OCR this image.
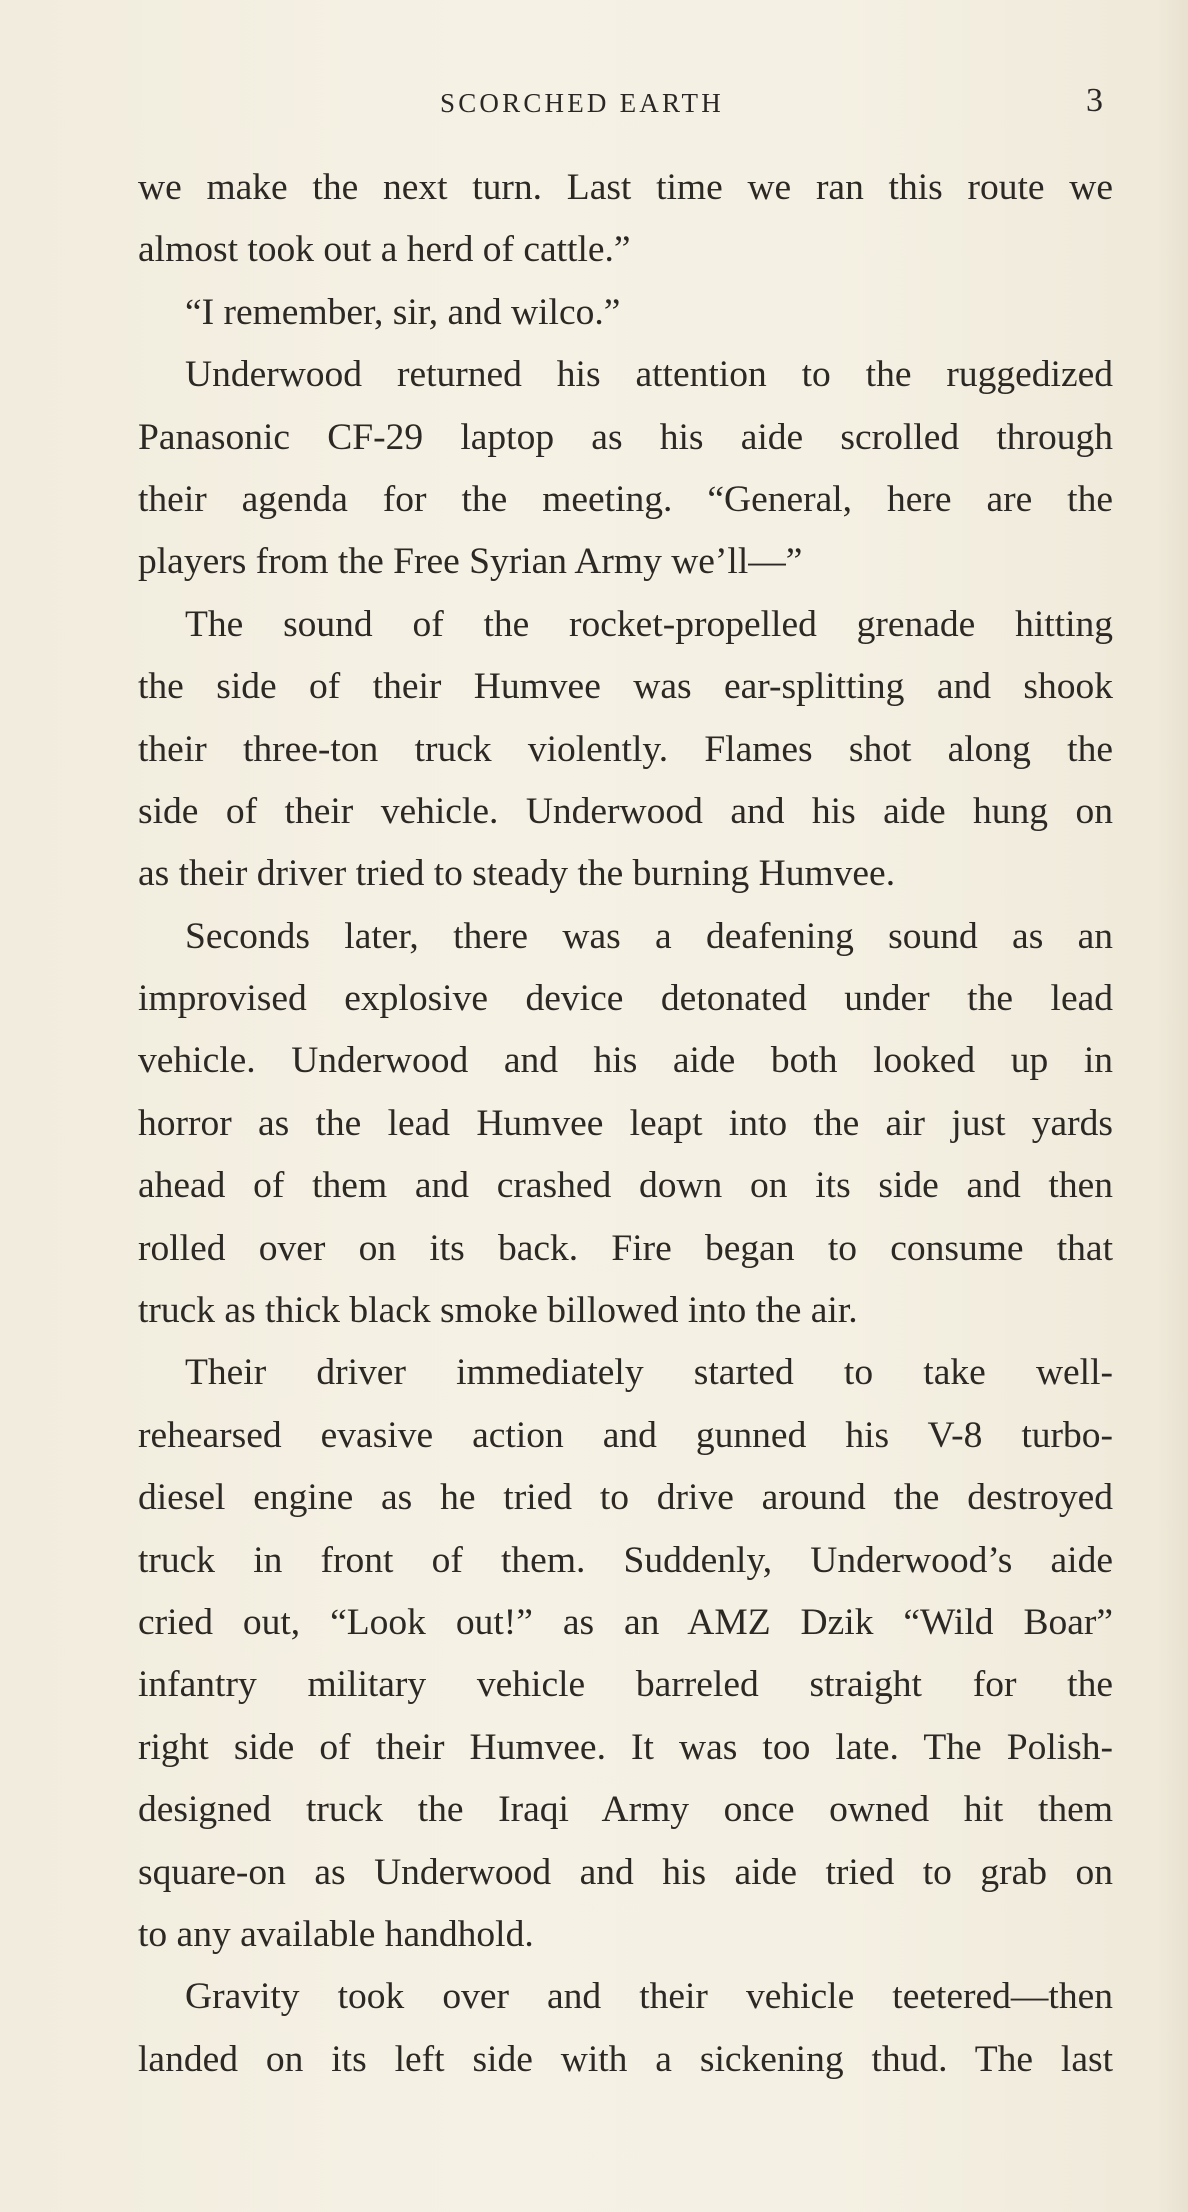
SCORCHED EARTH	3
we make the next turn. Last time we ran this route we
almost took out a herd of cattle.”
“I remember, sir, and wilco.”
Underwood returned his attention to the ruggedized
Panasonic CF-29 laptop as his aide scrolled through
their agenda for the meeting. “General, here are the
players from the Free Syrian Army we’ll—”
The sound of the rocket-propelled grenade hitting
the side of their Humvee was ear-splitting and shook
their three-ton truck violently. Flames shot along the
side of their vehicle. Underwood and his aide hung on
as their driver tried to steady the burning Humvee.
Seconds later, there was a deafening sound as an
improvised explosive device detonated under the lead
vehicle. Underwood and his aide both looked up in
horror as the lead Humvee leapt into the air just yards
ahead of them and crashed down on its side and then
rolled over on its back. Fire began to consume that
truck as thick black smoke billowed into the air.
Their driver immediately started to take well-
rehearsed evasive action and gunned his V-8 turbo-
diesel engine as he tried to drive around the destroyed
truck in front of them. Suddenly, Underwood’s aide
cried out, “Look out!” as an AMZ Dzik “Wild Boar”
infantry military vehicle barreled straight for the
right side of their Humvee. It was too late. The Polish-
designed truck the Iraqi Army once owned hit them
square-on as Underwood and his aide tried to grab on
to any available handhold.
Gravity took over and their vehicle teetered—then
landed on its left side with a sickening thud. The last
